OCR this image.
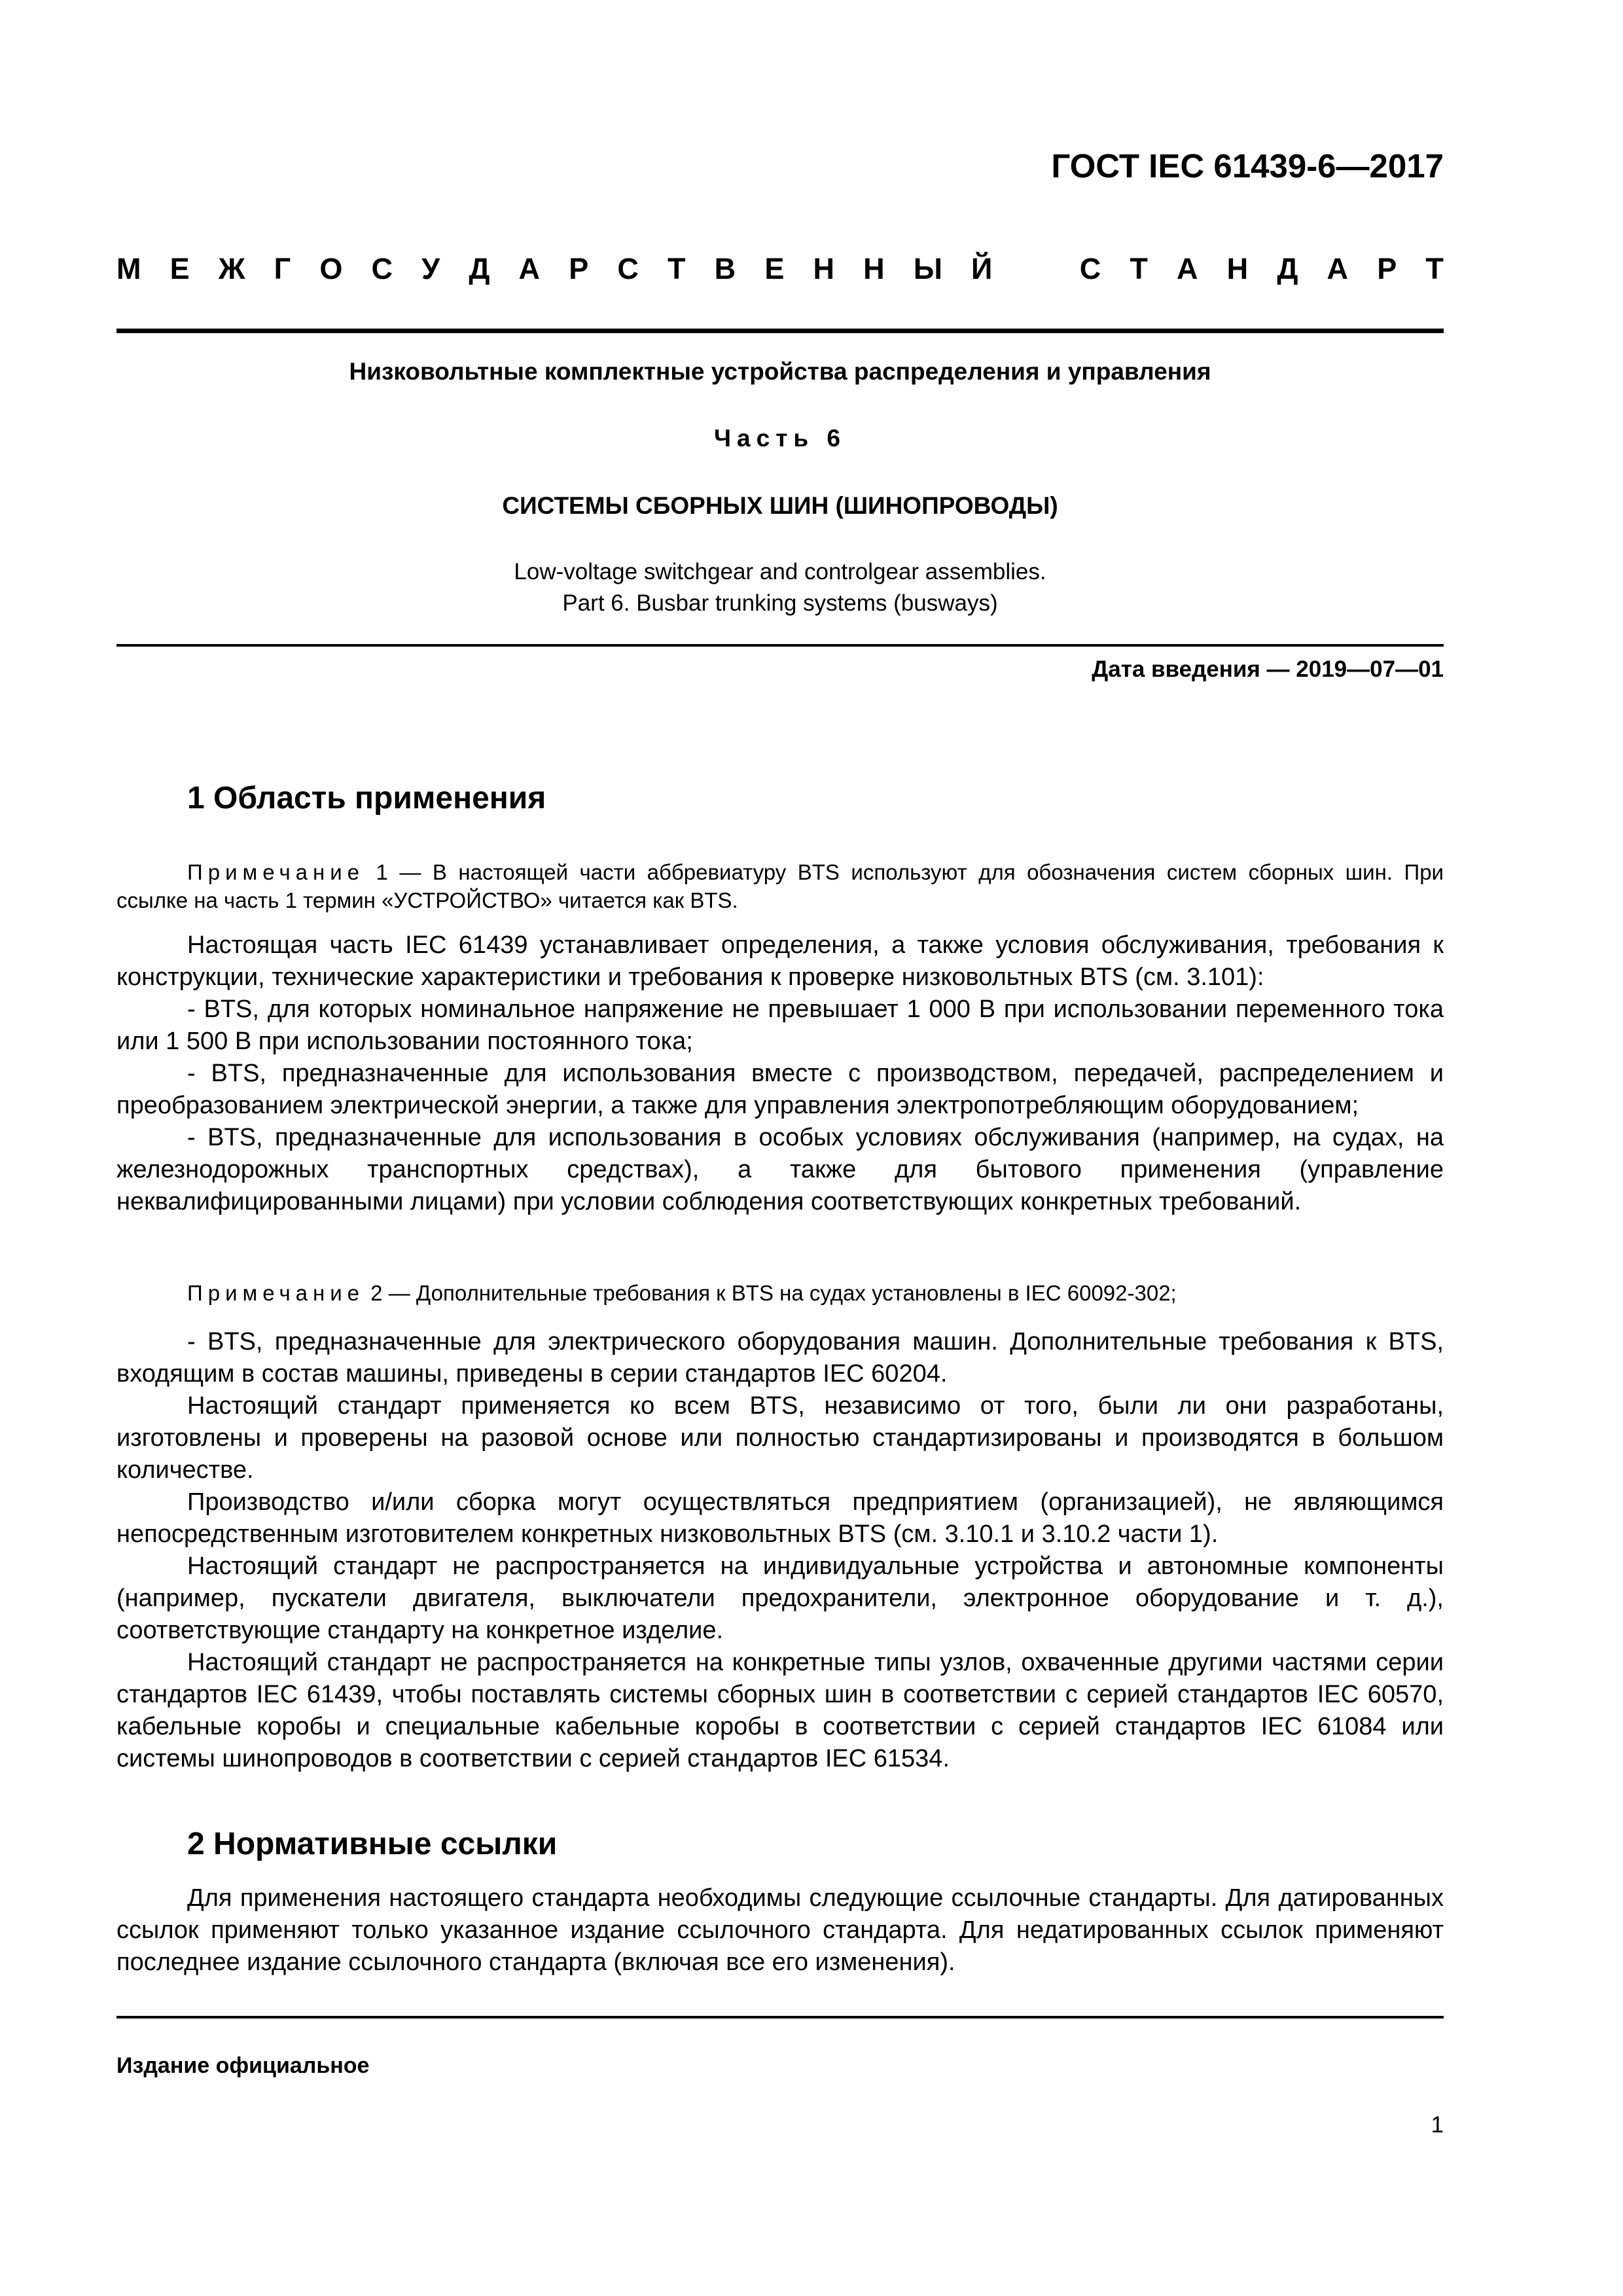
ГОСТ IEC 61439-6—2017
М Е Ж Г О С У Д А Р С Т В Е Н Н Ы Й  	С Т А Н Д А Р Т
Низковольтные комплектные устройства распределения и управления
Часть 6
СИСТЕМЫ СБОРНЫХ ШИН (ШИНОПРОВОДЫ)
Low-voltage switchgear and controlgear assemblies.
Part 6. Busbar trunking systems (busways)
Дата введения — 2019—07—01
1 Область применения

Примечание 1 — В настоящей части аббревиатуру BTS используют для обозначения систем сборных шин. При ссылке на часть 1 термин «УСТРОЙСТВО» читается как BTS.

Настоящая часть IEC 61439 устанавливает определения, а также условия обслуживания, требования к конструкции, технические характеристики и требования к проверке низковольтных BTS (см. 3.101):

- BTS, для которых номинальное напряжение не превышает 1 000 В при использовании переменного тока или 1 500 В при использовании постоянного тока;

- BTS, предназначенные для использования вместе с производством, передачей, распределением и преобразованием электрической энергии, а также для управления электропотребляющим оборудованием;

- BTS, предназначенные для использования в особых условиях обслуживания (например, на судах, на железнодорожных транспортных средствах), а также для бытового применения (управление неквалифицированными лицами) при условии соблюдения соответствующих конкретных требований.

Примечание 2 — Дополнительные требования к BTS на судах установлены в IEC 60092-302;

- BTS, предназначенные для электрического оборудования машин. Дополнительные требования к BTS, входящим в состав машины, приведены в серии стандартов IEC 60204.

Настоящий стандарт применяется ко всем BTS, независимо от того, были ли они разработаны, изготовлены и проверены на разовой основе или полностью стандартизированы и производятся в большом количестве.

Производство и/или сборка могут осуществляться предприятием (организацией), не являющимся непосредственным изготовителем конкретных низковольтных BTS (см. 3.10.1 и 3.10.2 части 1).

Настоящий стандарт не распространяется на индивидуальные устройства и автономные компоненты (например, пускатели двигателя, выключатели предохранители, электронное оборудование и т. д.), соответствующие стандарту на конкретное изделие.

Настоящий стандарт не распространяется на конкретные типы узлов, охваченные другими частями серии стандартов IEC 61439, чтобы поставлять системы сборных шин в соответствии с серией стандартов IEC 60570, кабельные коробы и специальные кабельные коробы в соответствии с серией стандартов IEC 61084 или системы шинопроводов в соответствии с серией стандартов IEC 61534.

2 Нормативные ссылки

Для применения настоящего стандарта необходимы следующие ссылочные стандарты. Для датированных ссылок применяют только указанное издание ссылочного стандарта. Для недатированных ссылок применяют последнее издание ссылочного стандарта (включая все его изменения).

Издание официальное
1
